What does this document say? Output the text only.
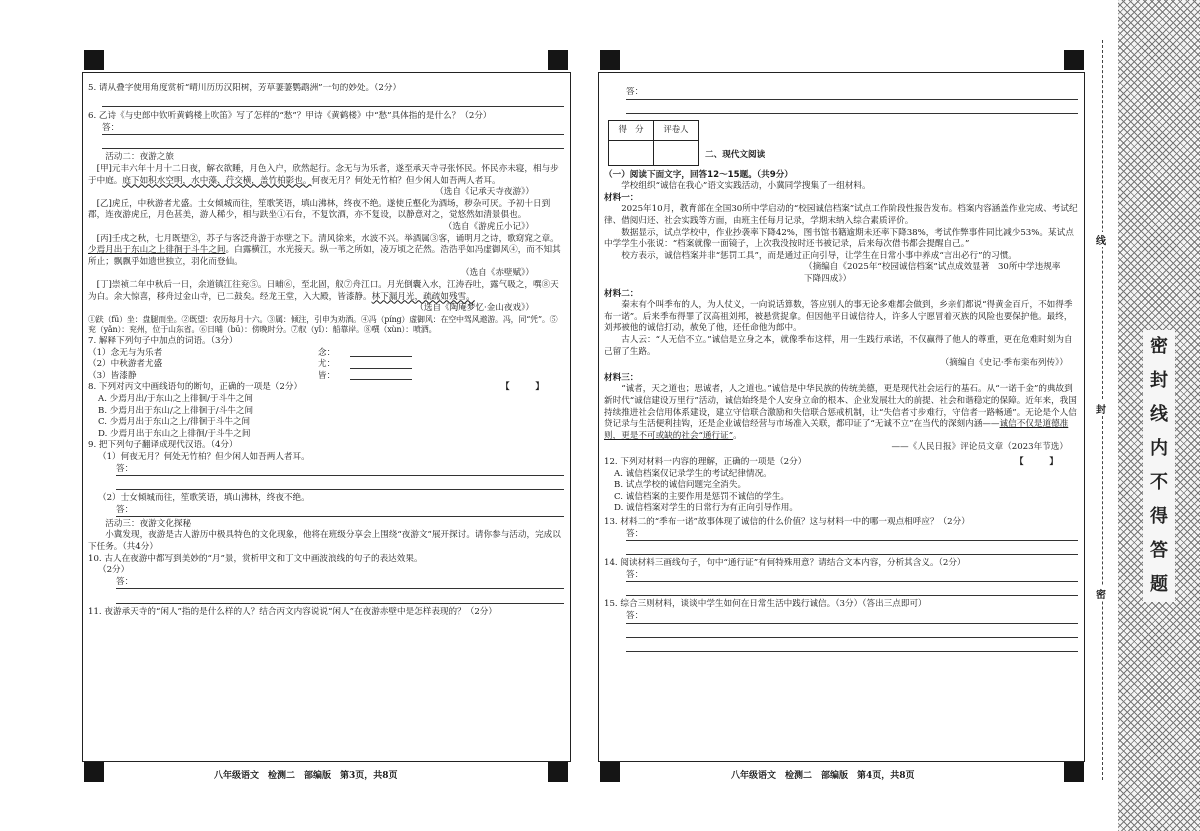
5. 请从叠字使用角度赏析“晴川历历汉阳树，芳草萋萋鹦鹉洲”一句的妙处。（2分）

6. 乙诗《与史郎中钦听黄鹤楼上吹笛》写了怎样的“愁”？甲诗《黄鹤楼》中“愁”具体指的是什么？（2分）

答：

活动二：夜游之旅

[甲]元丰六年十月十二日夜，解衣欲睡，月色入户，欣然起行。念无与为乐者，遂至承天寺寻张怀民。怀民亦未寝，相与步于中庭。庭下如积水空明，水中藻、荇交横，盖竹柏影也。何夜无月？何处无竹柏？但少闲人如吾两人者耳。

（选自《记承天寺夜游》）

[乙]虎丘，中秋游者尤盛。士女倾城而往，笙歌笑语，填山沸林，终夜不绝。遂使丘壑化为酒场，秽杂可厌。予初十日到郡，连夜游虎丘，月色甚美，游人稀少，相与趺坐①石台，不复饮酒，亦不复设，以静意对之，觉悠然如清景俱也。

（选自《游虎丘小记》）

[丙]壬戌之秋，七月既望②，苏子与客泛舟游于赤壁之下。清风徐来，水波不兴。举酒属③客，诵明月之诗，歌窈窕之章。少焉月出于东山之上徘徊于斗牛之间。白露横江，水光接天。纵一苇之所如，凌万顷之茫然。浩浩乎如冯虚御风④，而不知其所止；飘飘乎如遗世独立，羽化而登仙。

（选自《赤壁赋》）

[丁]崇祯二年中秋后一日，余道镇江往兖⑤。日晡⑥，至北固，舣⑦舟江口。月光倒囊入水，江涛吞吐，露气吸之，噀⑧天为白。余大惊喜，移舟过金山寺，已二鼓矣。经龙王堂，入大殿，皆漆静。林下漏月光，疏疏如残雪。

（选自《陶庵梦忆·金山夜戏》）

①趺（fū）坐：盘腿而坐。②既望：农历每月十六。③属：倾注，引申为劝酒。④冯（píng）虚御风：在空中驾风遨游。冯，同“凭”。⑤兖（yǎn）：兖州，位于山东省。⑥日晡（bū）：傍晚时分。⑦舣（yǐ）：船靠岸。⑧噀（xùn）：喷洒。

7. 解释下列句子中加点的词语。（3分）

（1）念无与为乐者	念：
（2）中秋游者尤盛	尤：
（3）皆漆静	皆：

8. 下列对丙文中画线语句的断句，正确的一项是（2分）	【　　　】

A. 少焉月出/于东山之上徘徊/于斗牛之间

B. 少焉月出于东山/之上徘徊于/斗牛之间

C. 少焉月出于东山之上/徘徊于斗牛之间

D. 少焉月出于东山之上徘徊/于斗牛之间

9. 把下列句子翻译成现代汉语。（4分）

（1）何夜无月？何处无竹柏？但少闲人如吾两人者耳。

答：

（2）士女倾城而往，笙歌笑语，填山沸林，终夜不绝。

答：

活动三：夜游文化探秘

小冀发现，夜游是古人游历中极具特色的文化现象，他将在班级分享会上围绕“夜游文”展开探讨。请你参与活动，完成以下任务。（共4分）

10. 古人在夜游中都写到美妙的“月”景，赏析甲文和丁文中画波浪线的句子的表达效果。

（2分）

答：

11. 夜游承天寺的“闲人”指的是什么样的人？结合丙文内容说说“闲人”在夜游赤壁中是怎样表现的？（2分）

答：
得　分	评卷人

二、现代文阅读

（一）阅读下面文字，回答12～15题。（共9分）

学校组织“诚信在我心”语文实践活动，小冀同学搜集了一组材料。

材料一：

2025年10月，教育部在全国30所中学启动的“校园诚信档案”试点工作阶段性报告发布。档案内容涵盖作业完成、考试纪律、借阅归还、社会实践等方面，由班主任每月记录，学期末纳入综合素质评价。

数据显示，试点学校中，作业抄袭率下降42%，图书馆书籍逾期未还率下降38%，考试作弊事件同比减少53%。某试点中学学生小张说：“档案就像一面镜子，上次我没按时还书被记录，后来每次借书都会提醒自己。”

校方表示，诚信档案并非“惩罚工具”，而是通过正向引导，让学生在日常小事中养成“言出必行”的习惯。

（摘编自《2025年“校园诚信档案”试点成效显著　30所中学违规率下降四成》）

材料二：

秦末有个叫季布的人，为人仗义，一向说话算数，答应别人的事无论多难都会做到，乡亲们都说“得黄金百斤，不如得季布一诺”。后来季布得罪了汉高祖刘邦，被悬赏捉拿。但因他平日诚信待人，许多人宁愿冒着灭族的风险也要保护他。最终，刘邦被他的诚信打动，赦免了他，还任命他为郎中。

古人云：“人无信不立。”诚信是立身之本，就像季布这样，用一生践行承诺，不仅赢得了他人的尊重，更在危难时刻为自己留了生路。

（摘编自《史记·季布栾布列传》）

材料三：

“诚者，天之道也；思诚者，人之道也。”诚信是中华民族的传统美德，更是现代社会运行的基石。从“一诺千金”的典故到新时代“诚信建设万里行”活动，诚信始终是个人安身立命的根本、企业发展壮大的前提、社会和谐稳定的保障。近年来，我国持续推进社会信用体系建设，建立守信联合激励和失信联合惩戒机制，让“失信者寸步难行，守信者一路畅通”。无论是个人信贷记录与生活便利挂钩，还是企业诚信经营与市场准入关联，都印证了“无诚不立”在当代的深刻内涵——诚信不仅是道德准则，更是不可或缺的社会“通行证”。

——《人民日报》评论员文章（2023年节选）

12. 下列对材料一内容的理解，正确的一项是（2分）	【　　　】

A. 诚信档案仅记录学生的考试纪律情况。

B. 试点学校的诚信问题完全消失。

C. 诚信档案的主要作用是惩罚不诚信的学生。

D. 诚信档案对学生的日常行为有正向引导作用。

13. 材料二的“季布一诺”故事体现了诚信的什么价值？这与材料一中的哪一观点相呼应？（2分）

答：

14. 阅读材料三画线句子，句中“通行证”有何特殊用意？请结合文本内容，分析其含义。（2分）

答：

15. 综合三则材料，谈谈中学生如何在日常生活中践行诚信。（3分）（答出三点即可）

答：
八年级语文　检测二　部编版　第3页，共8页	八年级语文　检测二　部编版　第4页，共8页
线
封
密
密
封
线
内
不
得
答
题
